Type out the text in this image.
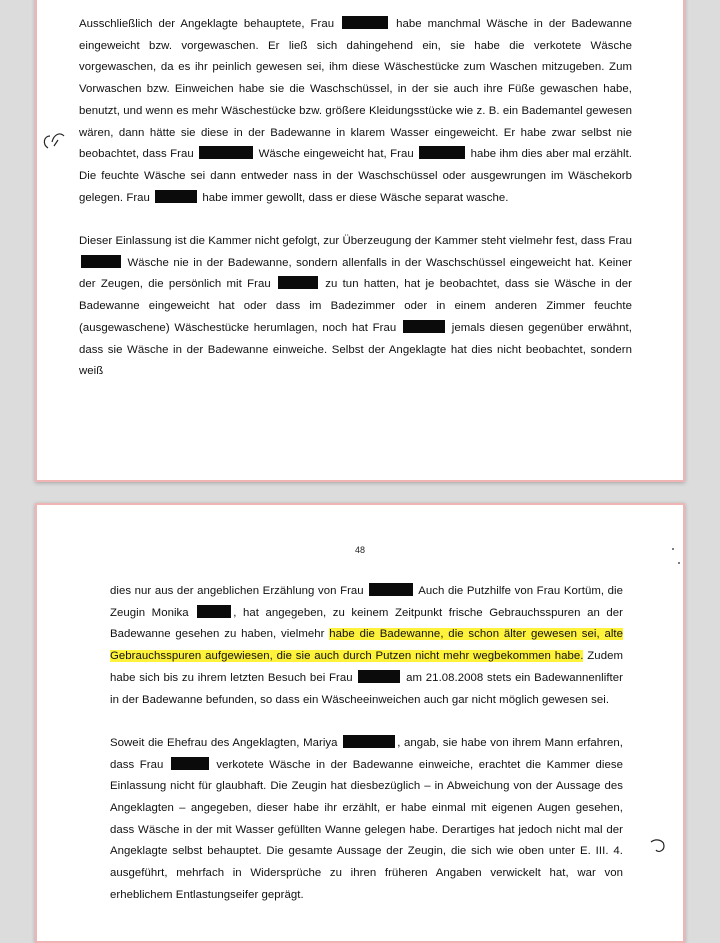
Ausschließlich der Angeklagte behauptete, Frau	habe manchmal Wäsche in der Badewanne eingeweicht bzw. vorgewaschen. Er ließ sich dahingehend ein, sie habe die verkotete Wäsche vorgewaschen, da es ihr peinlich gewesen sei, ihm diese Wäschestücke zum Waschen mitzugeben. Zum Vorwaschen bzw. Einweichen habe sie die Waschschüssel, in der sie auch ihre Füße gewaschen habe, benutzt, und wenn es mehr Wäschestücke bzw. größere Kleidungsstücke wie z. B. ein Bademantel gewesen wären, dann hätte sie diese in der Badewanne in klarem Wasser eingeweicht. Er habe zwar selbst nie beobachtet, dass Frau	Wäsche eingeweicht hat, Frau	habe ihm dies aber mal erzählt. Die feuchte Wäsche sei dann entweder nass in der Waschschüssel oder ausgewrungen im Wäschekorb gelegen. Frau	habe immer gewollt, dass er diese Wäsche separat wasche.

Dieser Einlassung ist die Kammer nicht gefolgt, zur Überzeugung der Kammer steht vielmehr fest, dass Frau  Wäsche nie in der Badewanne, sondern allenfalls in der Waschschüssel eingeweicht hat. Keiner der Zeugen, die persönlich mit Frau	zu tun hatten, hat je beobachtet, dass sie Wäsche in der Badewanne eingeweicht hat oder dass im Badezimmer oder in einem anderen Zimmer feuchte (ausgewaschene) Wäschestücke herumlagen, noch hat Frau	jemals diesen gegenüber erwähnt, dass sie Wäsche in der Badewanne einweiche. Selbst der Angeklagte hat dies nicht beobachtet, sondern weiß

48

dies nur aus der angeblichen Erzählung von Frau	Auch die Putzhilfe von Frau Kortüm, die Zeugin Monika	, hat angegeben, zu keinem Zeitpunkt frische Gebrauchsspuren an der Badewanne gesehen zu haben, vielmehr habe die Badewanne, die schon älter gewesen sei, alte Gebrauchsspuren aufgewiesen, die sie auch durch Putzen nicht mehr wegbekommen habe. Zudem habe sich bis zu ihrem letzten Besuch bei Frau	am 21.08.2008 stets ein Badewannenlifter in der Badewanne befunden, so dass ein Wäscheeinweichen auch gar nicht möglich gewesen sei.

Soweit die Ehefrau des Angeklagten, Mariya	, angab, sie habe von ihrem Mann erfahren, dass Frau	verkotete Wäsche in der Badewanne einweiche, erachtet die Kammer diese Einlassung nicht für glaubhaft. Die Zeugin hat diesbezüglich – in Abweichung von der Aussage des Angeklagten – angegeben, dieser habe ihr erzählt, er habe einmal mit eigenen Augen gesehen, dass Wäsche in der mit Wasser gefüllten Wanne gelegen habe. Derartiges hat jedoch nicht mal der Angeklagte selbst behauptet. Die gesamte Aussage der Zeugin, die sich wie oben unter E. III. 4. ausgeführt, mehrfach in Widersprüche zu ihren früheren Angaben verwickelt hat, war von erheblichem Entlastungseifer geprägt.
